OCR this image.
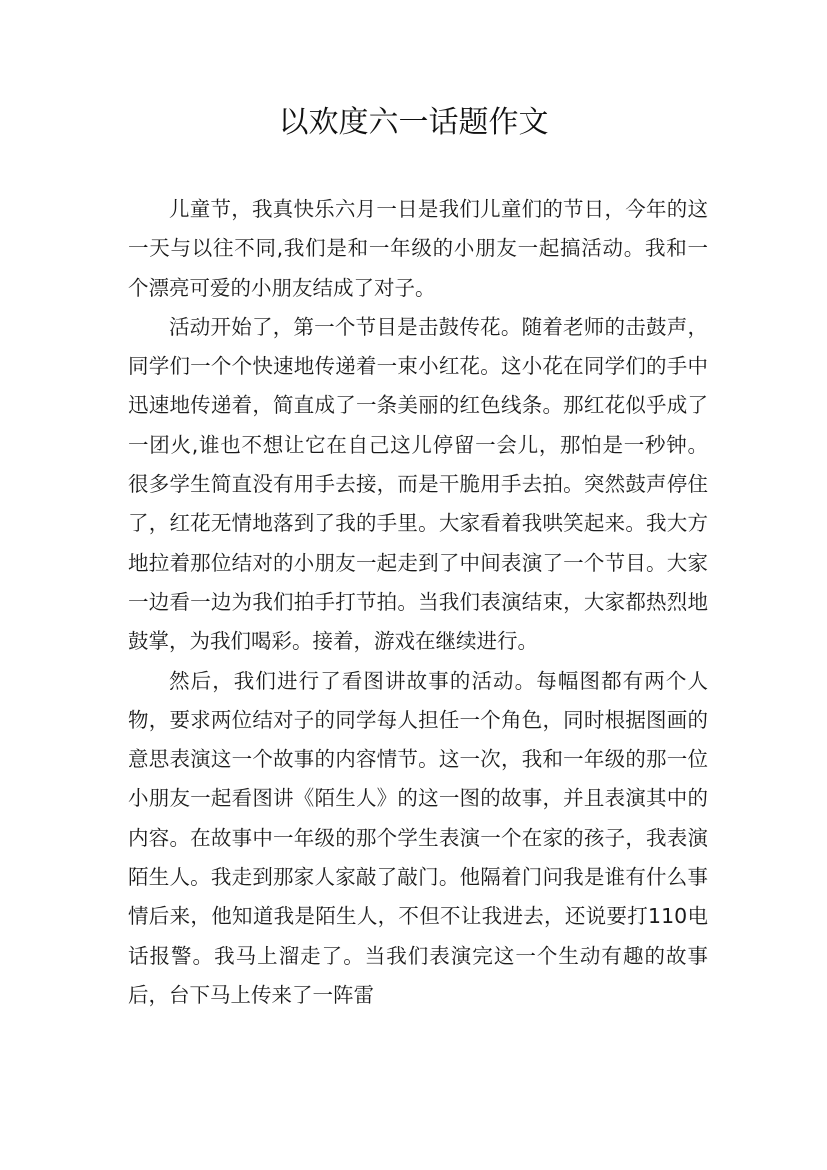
以欢度六一话题作文

儿童节，我真快乐六月一日是我们儿童们的节日，今年的这一天与以往不同,我们是和一年级的小朋友一起搞活动。我和一个漂亮可爱的小朋友结成了对子。

活动开始了，第一个节目是击鼓传花。随着老师的击鼓声，同学们一个个快速地传递着一束小红花。这小花在同学们的手中迅速地传递着，简直成了一条美丽的红色线条。那红花似乎成了一团火,谁也不想让它在自己这儿停留一会儿，那怕是一秒钟。很多学生简直没有用手去接，而是干脆用手去拍。突然鼓声停住了，红花无情地落到了我的手里。大家看着我哄笑起来。我大方地拉着那位结对的小朋友一起走到了中间表演了一个节目。大家一边看一边为我们拍手打节拍。当我们表演结束，大家都热烈地鼓掌，为我们喝彩。接着，游戏在继续进行。

然后，我们进行了看图讲故事的活动。每幅图都有两个人物，要求两位结对子的同学每人担任一个角色，同时根据图画的意思表演这一个故事的内容情节。这一次，我和一年级的那一位小朋友一起看图讲《陌生人》的这一图的故事，并且表演其中的内容。在故事中一年级的那个学生表演一个在家的孩子，我表演陌生人。我走到那家人家敲了敲门。他隔着门问我是谁有什么事情后来，他知道我是陌生人，不但不让我进去，还说要打110电话报警。我马上溜走了。当我们表演完这一个生动有趣的故事后，台下马上传来了一阵雷
